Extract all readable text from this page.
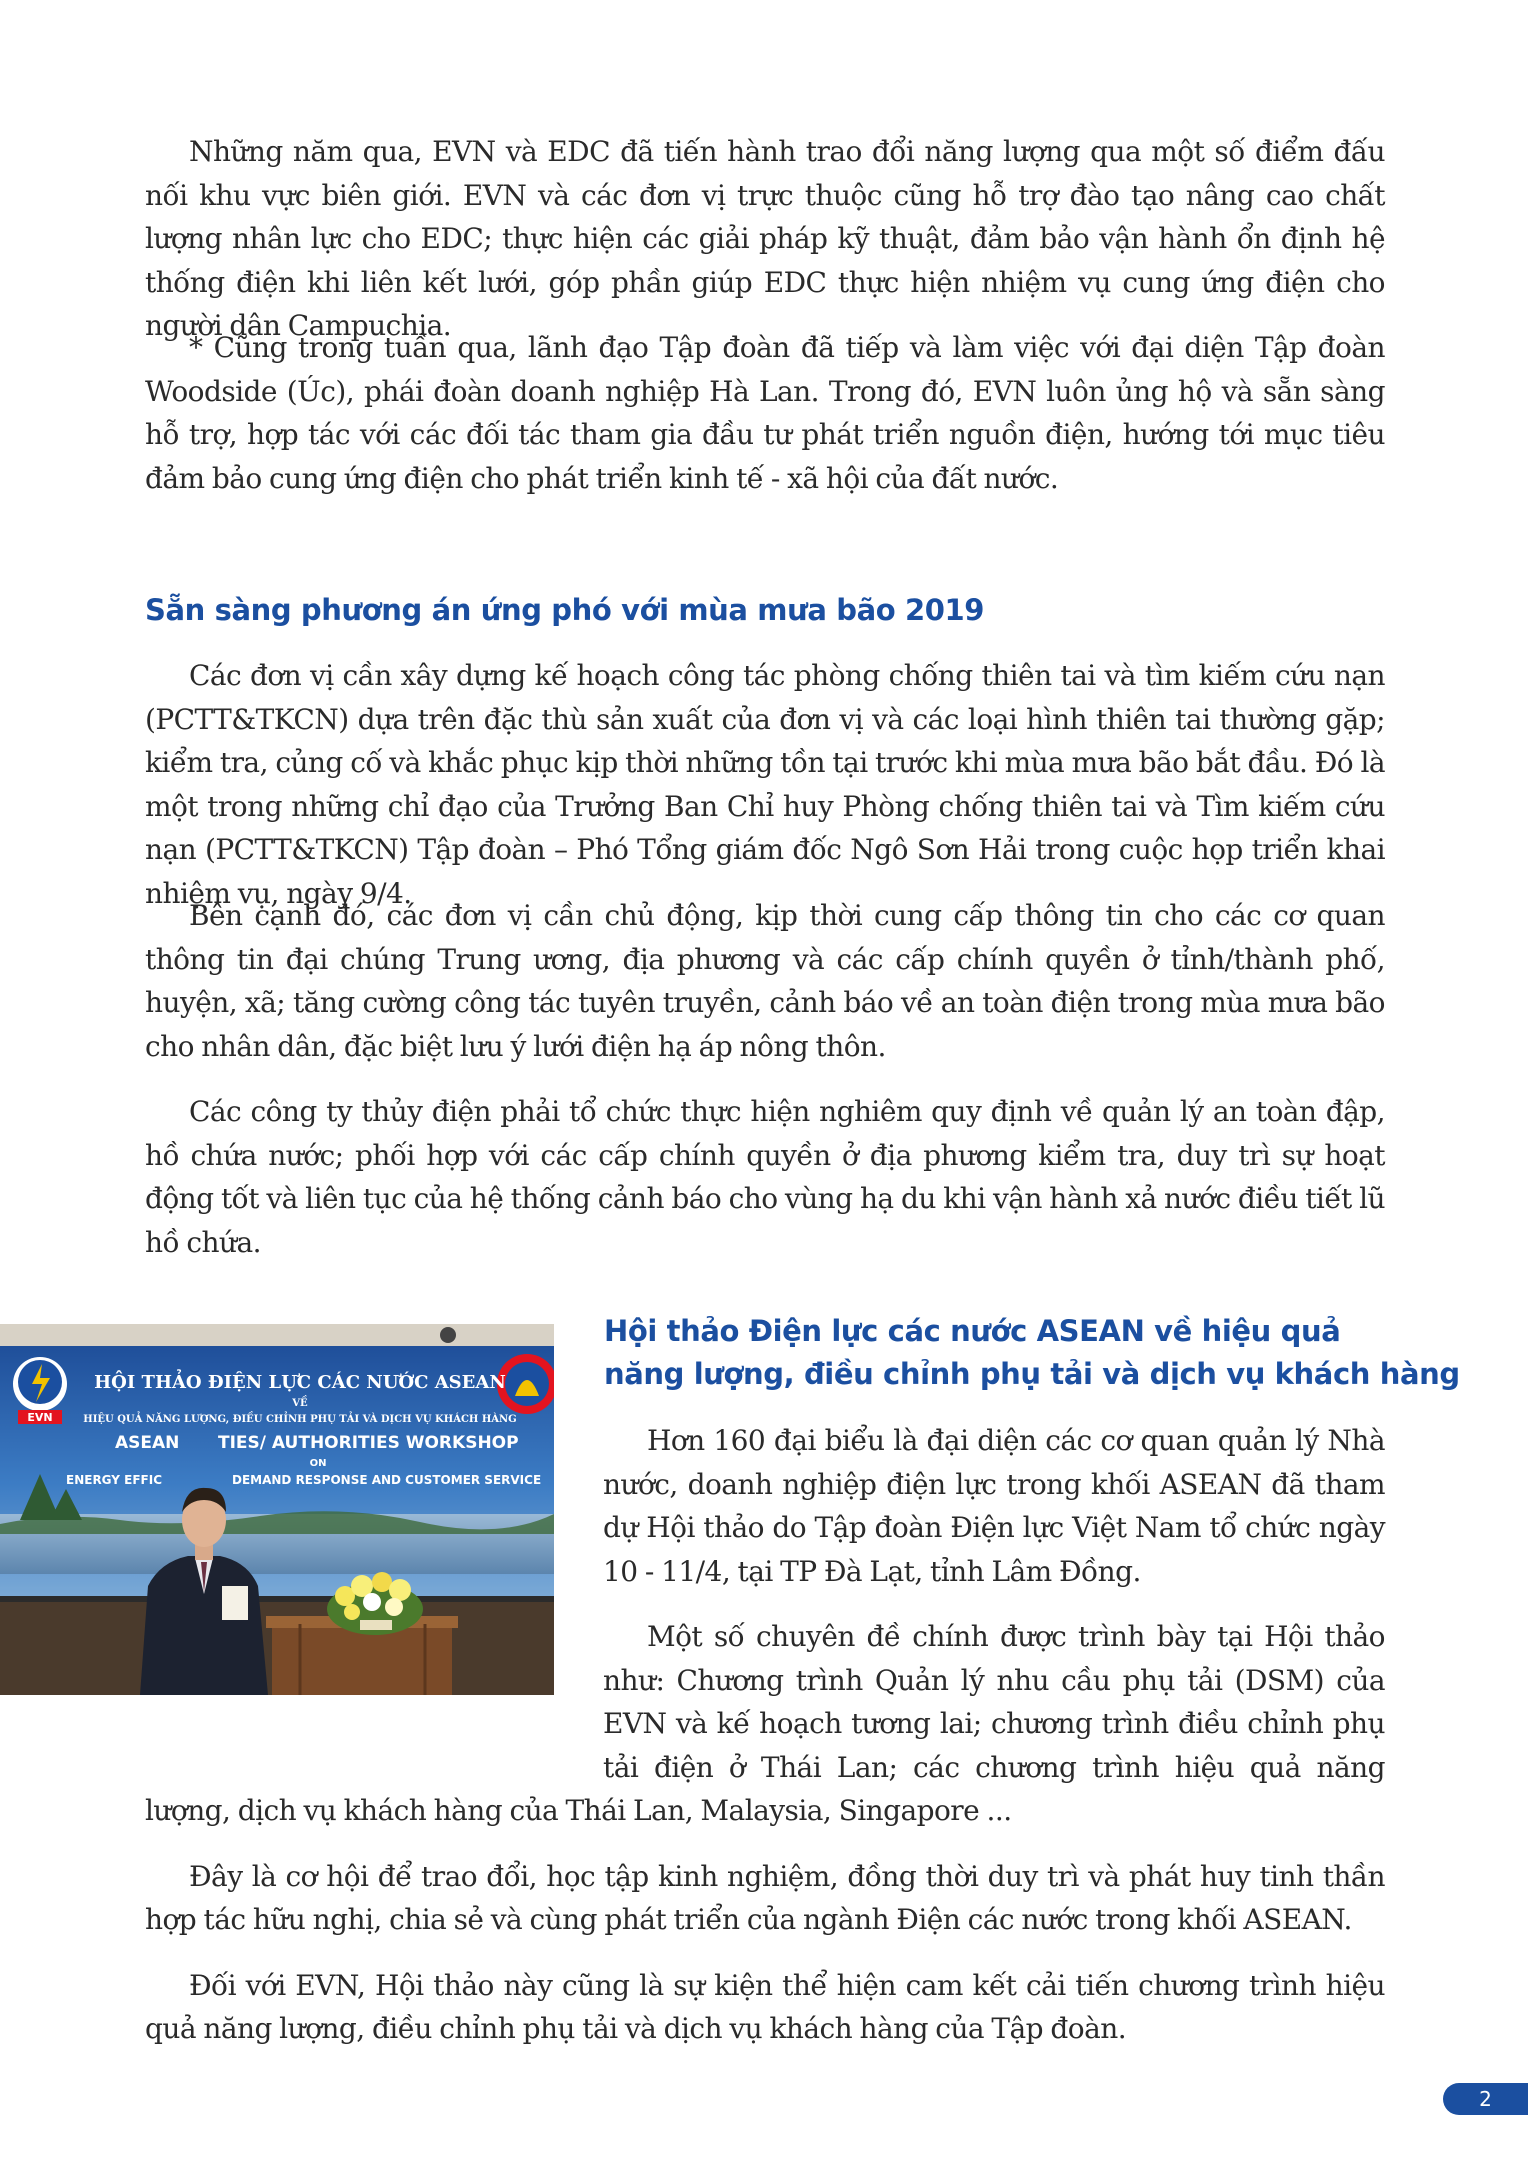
Những năm qua, EVN và EDC đã tiến hành trao đổi năng lượng qua một số điểm đấu nối khu vực biên giới. EVN và các đơn vị trực thuộc cũng hỗ trợ đào tạo nâng cao chất lượng nhân lực cho EDC; thực hiện các giải pháp kỹ thuật, đảm bảo vận hành ổn định hệ thống điện khi liên kết lưới, góp phần giúp EDC thực hiện nhiệm vụ cung ứng điện cho người dân Campuchia.

* Cũng trong tuần qua, lãnh đạo Tập đoàn đã tiếp và làm việc với đại diện Tập đoàn Woodside (Úc), phái đoàn doanh nghiệp Hà Lan. Trong đó, EVN luôn ủng hộ và sẵn sàng hỗ trợ, hợp tác với các đối tác tham gia đầu tư phát triển nguồn điện, hướng tới mục tiêu đảm bảo cung ứng điện cho phát triển kinh tế - xã hội của đất nước.

Sẵn sàng phương án ứng phó với mùa mưa bão 2019

Các đơn vị cần xây dựng kế hoạch công tác phòng chống thiên tai và tìm kiếm cứu nạn (PCTT&TKCN) dựa trên đặc thù sản xuất của đơn vị và các loại hình thiên tai thường gặp; kiểm tra, củng cố và khắc phục kịp thời những tồn tại trước khi mùa mưa bão bắt đầu. Đó là một trong những chỉ đạo của Trưởng Ban Chỉ huy Phòng chống thiên tai và Tìm kiếm cứu nạn (PCTT&TKCN) Tập đoàn – Phó Tổng giám đốc Ngô Sơn Hải trong cuộc họp triển khai nhiệm vụ, ngày 9/4.

Bên cạnh đó, các đơn vị cần chủ động, kịp thời cung cấp thông tin cho các cơ quan thông tin đại chúng Trung ương, địa phương và các cấp chính quyền ở tỉnh/thành phố, huyện, xã; tăng cường công tác tuyên truyền, cảnh báo về an toàn điện trong mùa mưa bão cho nhân dân, đặc biệt lưu ý lưới điện hạ áp nông thôn.

Các công ty thủy điện phải tổ chức thực hiện nghiêm quy định về quản lý an toàn đập, hồ chứa nước; phối hợp với các cấp chính quyền ở địa phương kiểm tra, duy trì sự hoạt động tốt và liên tục của hệ thống cảnh báo cho vùng hạ du khi vận hành xả nước điều tiết lũ hồ chứa.

EVN
HỘI THẢO ĐIỆN LỰC CÁC NƯỚC ASEAN
VỀ
HIỆU QUẢ NĂNG LƯỢNG, ĐIỀU CHỈNH PHỤ TẢI VÀ DỊCH VỤ KHÁCH HÀNG
ASEAN TIES/ AUTHORITIES WORKSHOP
ON
ENERGY EFFIC	DEMAND RESPONSE AND CUSTOMER SERVICE
Hội thảo Điện lực các nước ASEAN về hiệu quả
năng lượng, điều chỉnh phụ tải và dịch vụ khách hàng

Hơn 160 đại biểu là đại diện các cơ quan quản lý Nhà nước, doanh nghiệp điện lực trong khối ASEAN đã tham dự Hội thảo do Tập đoàn Điện lực Việt Nam tổ chức ngày 10 - 11/4, tại TP Đà Lạt, tỉnh Lâm Đồng.

Một số chuyên đề chính được trình bày tại Hội thảo như: Chương trình Quản lý nhu cầu phụ tải (DSM) của EVN và kế hoạch tương lai; chương trình điều chỉnh phụ tải điện ở Thái Lan; các chương trình hiệu quả năng lượng, dịch vụ khách hàng của Thái Lan, Malaysia, Singapore ...

Đây là cơ hội để trao đổi, học tập kinh nghiệm, đồng thời duy trì và phát huy tinh thần hợp tác hữu nghị, chia sẻ và cùng phát triển của ngành Điện các nước trong khối ASEAN.

Đối với EVN, Hội thảo này cũng là sự kiện thể hiện cam kết cải tiến chương trình hiệu quả năng lượng, điều chỉnh phụ tải và dịch vụ khách hàng của Tập đoàn.

2
